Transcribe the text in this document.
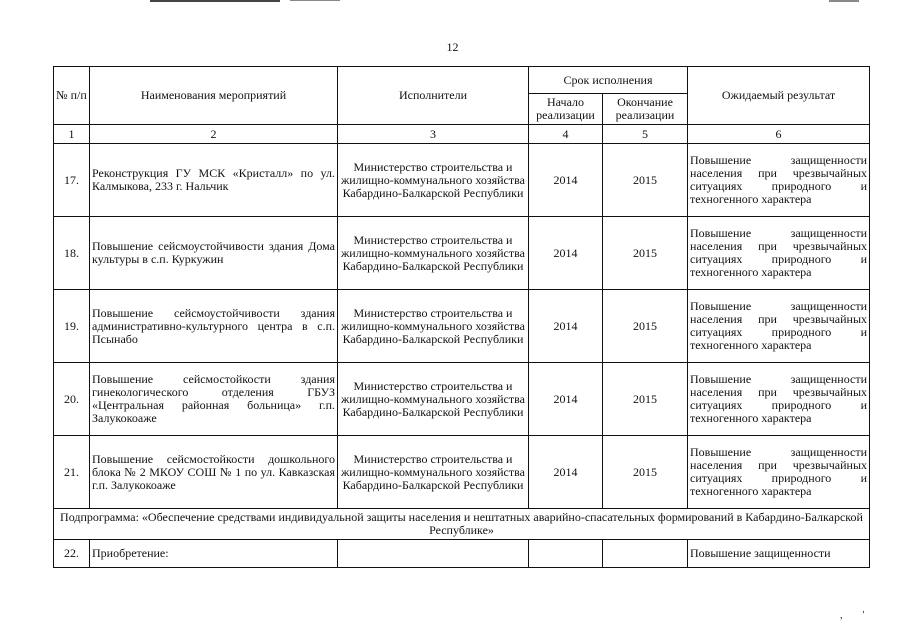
12
№ п/п	Наименования мероприятий	Исполнители	Срок исполнения		Ожидаемый результат
			Начало реализации	Окончание реализации	
1	2	3	4	5	6
17.	Реконструкция ГУ МСК «Кристалл» по ул. Калмыкова, 233 г. Нальчик	Министерство строительства и жилищно-коммунального хозяйства Кабардино-Балкарской Республики	2014	2015	Повышение защищенности населения при чрезвычайных ситуациях природного и техногенного характера
18.	Повышение сейсмоустойчивости здания Дома культуры в с.п. Куркужин	Министерство строительства и жилищно-коммунального хозяйства Кабардино-Балкарской Республики	2014	2015	Повышение защищенности населения при чрезвычайных ситуациях природного и техногенного характера
19.	Повышение сейсмоустойчивости здания административно-культурного центра в с.п. Псынабо	Министерство строительства и жилищно-коммунального хозяйства Кабардино-Балкарской Республики	2014	2015	Повышение защищенности населения при чрезвычайных ситуациях природного и техногенного характера
20.	Повышение сейсмостойкости здания гинекологического отделения ГБУЗ «Центральная районная больница» г.п. Залукокоаже	Министерство строительства и жилищно-коммунального хозяйства Кабардино-Балкарской Республики	2014	2015	Повышение защищенности населения при чрезвычайных ситуациях природного и техногенного характера
21.	Повышение сейсмостойкости дошкольного блока № 2 МКОУ СОШ № 1 по ул. Кавказская г.п. Залукокоаже	Министерство строительства и жилищно-коммунального хозяйства Кабардино-Балкарской Республики	2014	2015	Повышение защищенности населения при чрезвычайных ситуациях природного и техногенного характера
Подпрограмма: «Обеспечение средствами индивидуальной защиты населения и нештатных аварийно-спасательных формирований в Кабардино-Балкарской Республике»					
22.	Приобретение:				Повышение защищенности
,        '
